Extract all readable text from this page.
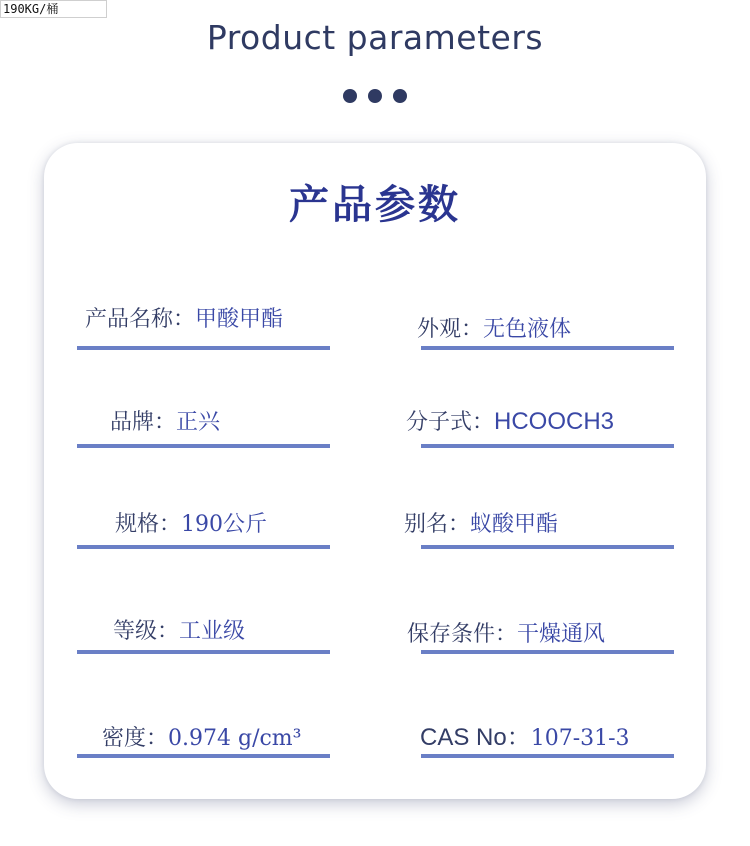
190KG/桶
Product parameters
产品参数
产品名称：甲酸甲酯	外观：无色液体
品牌：正兴	分子式：HCOOCH3
规格：190公斤	别名：蚁酸甲酯
等级：工业级	保存条件：干燥通风
密度：0.974 g/cm³	CAS No：107-31-3
